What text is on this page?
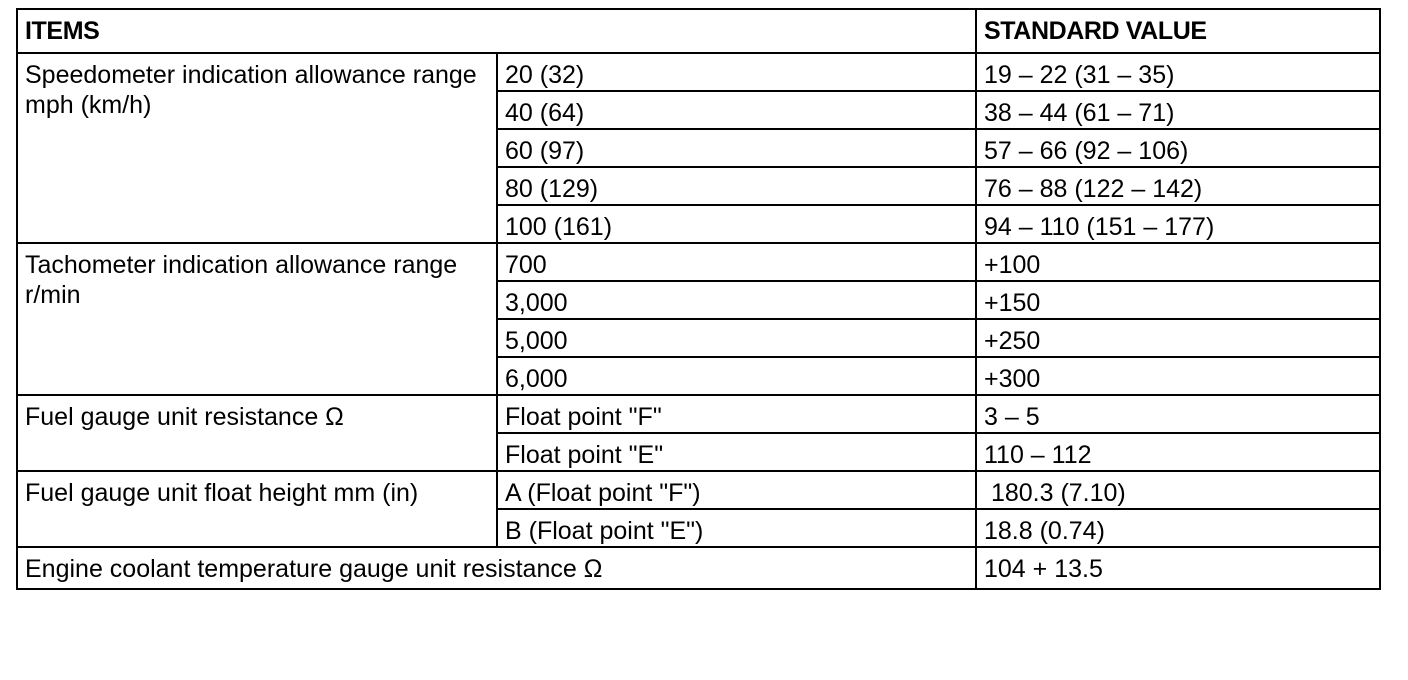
ITEMS		STANDARD VALUE
Speedometer indication allowance range mph (km/h)	20 (32)	19 – 22 (31 – 35)
	40 (64)	38 – 44 (61 – 71)
	60 (97)	57 – 66 (92 – 106)
	80 (129)	76 – 88 (122 – 142)
	100 (161)	94 – 110 (151 – 177)
Tachometer indication allowance range r/min	700	+100
	3,000	+150
	5,000	+250
	6,000	+300
Fuel gauge unit resistance Ω	Float point "F"	3 – 5
	Float point "E"	110 – 112
Fuel gauge unit float height mm (in)	A (Float point "F")	180.3 (7.10)
	B (Float point "E")	18.8 (0.74)
Engine coolant temperature gauge unit resistance Ω		104 + 13.5
